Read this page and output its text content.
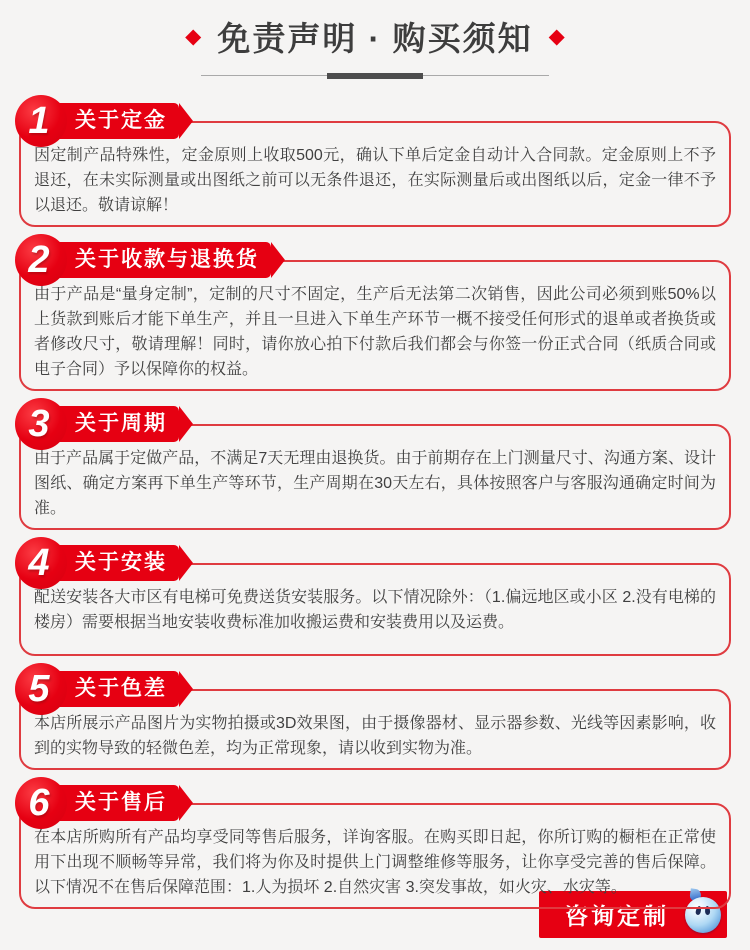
◆ 免责声明 · 购买须知 ◆
1	关于定金
因定制产品特殊性，定金原则上收取500元，确认下单后定金自动计入合同款。定金原则上不予退还，在未实际测量或出图纸之前可以无条件退还，在实际测量后或出图纸以后，定金一律不予以退还。敬请谅解！
2	关于收款与退换货
由于产品是“量身定制”，定制的尺寸不固定，生产后无法第二次销售，因此公司必须到账50%以上货款到账后才能下单生产，并且一旦进入下单生产环节一概不接受任何形式的退单或者换货或者修改尺寸，敬请理解！同时，请你放心拍下付款后我们都会与你签一份正式合同（纸质合同或电子合同）予以保障你的权益。
3	关于周期
由于产品属于定做产品，不满足7天无理由退换货。由于前期存在上门测量尺寸、沟通方案、设计图纸、确定方案再下单生产等环节，生产周期在30天左右，具体按照客户与客服沟通确定时间为准。
4	关于安装
配送安装各大市区有电梯可免费送货安装服务。以下情况除外：（1.偏远地区或小区 2.没有电梯的楼房）需要根据当地安装收费标准加收搬运费和安装费用以及运费。
5	关于色差
本店所展示产品图片为实物拍摄或3D效果图，由于摄像器材、显示器参数、光线等因素影响，收到的实物导致的轻微色差，均为正常现象，请以收到实物为准。
6	关于售后
在本店所购所有产品均享受同等售后服务，详询客服。在购买即日起，你所订购的橱柜在正常使用下出现不顺畅等异常，我们将为你及时提供上门调整维修等服务，让你享受完善的售后保障。以下情况不在售后保障范围：1.人为损坏 2.自然灾害 3.突发事故，如火灾、水灾等。
咨询定制
